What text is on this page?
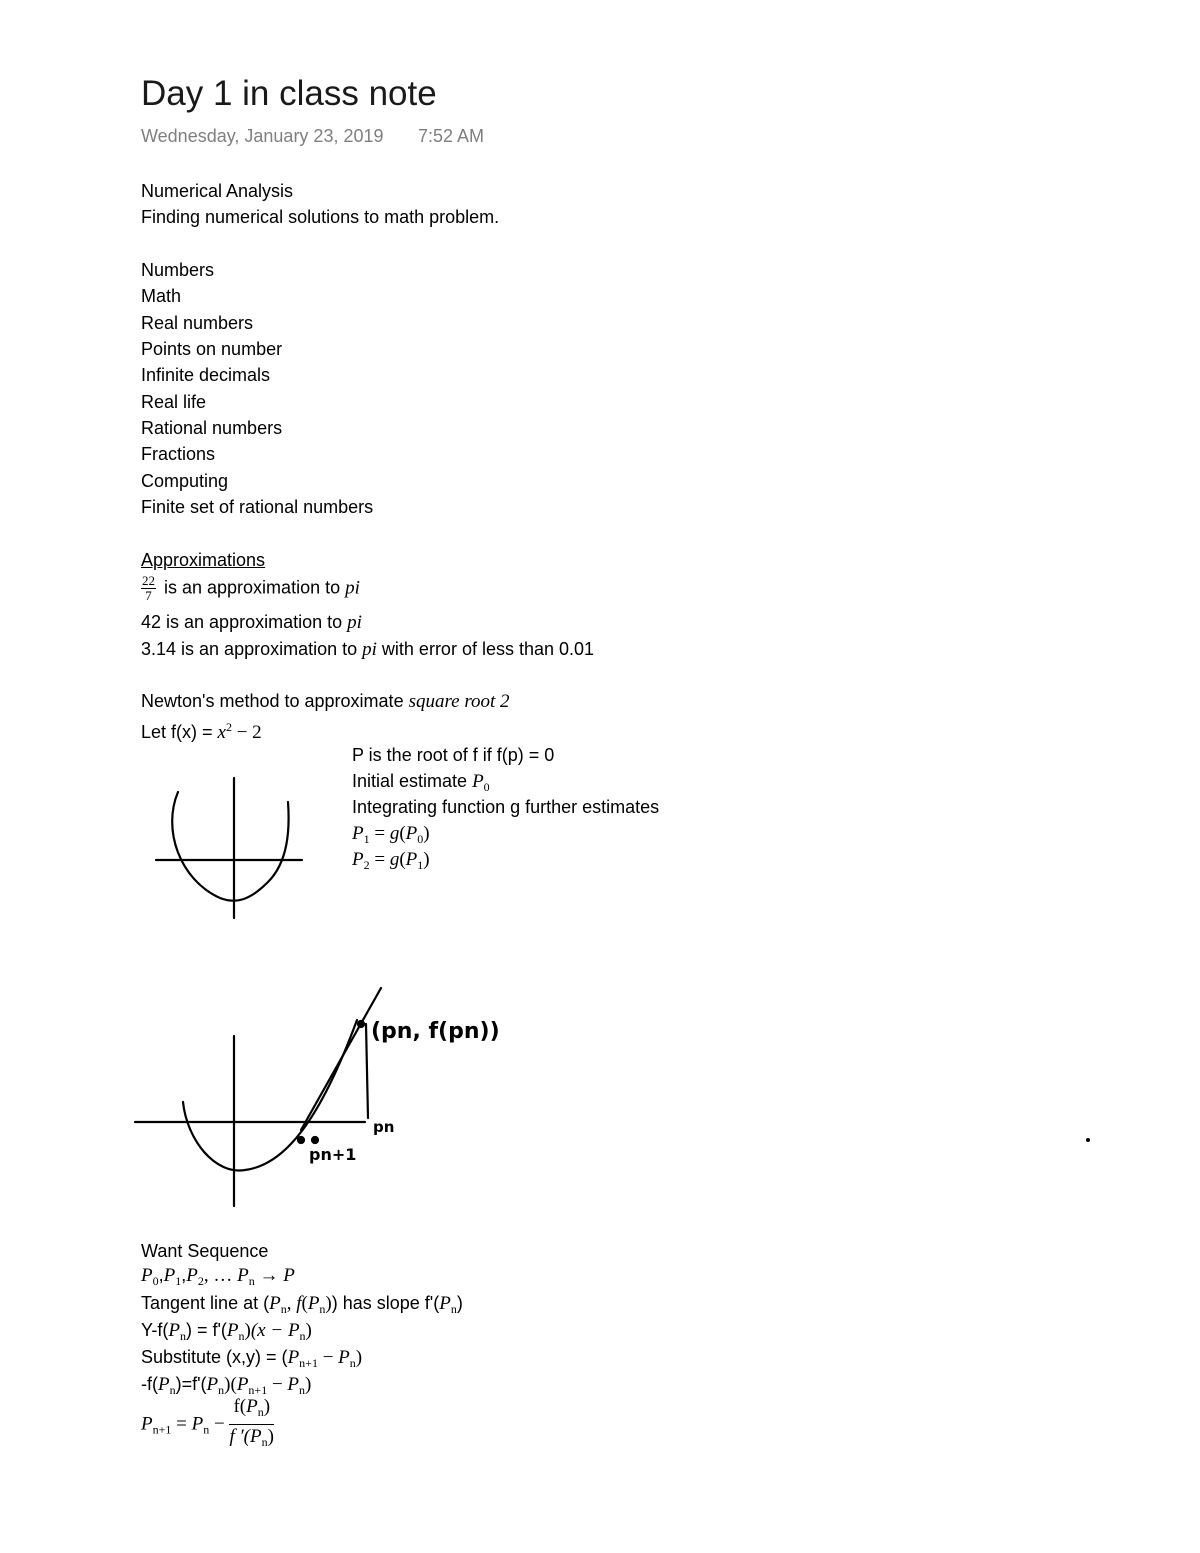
Day 1 in class note
Wednesday, January 23, 2019 7:52 AM
Numerical Analysis
Finding numerical solutions to math problem.
Numbers
Math
Real numbers
Points on number
Infinite decimals
Real life
Rational numbers
Fractions
Computing
Finite set of rational numbers
Approximations
$\frac{22}{7}$ is an approximation to pi
42 is an approximation to pi
3.14 is an approximation to pi with error of less than 0.01
Newton's method to approximate square root 2
Let $f(x) = x^2 - 2$
P is the root of f if f(p) = 0
Initial estimate $P_0$
Integrating function g further estimates
$P_1 = g(P_0)$
$P_2 = g(P_1)$
(pn, f(pn))
pn
pn+1
Want Sequence
$P_0,P_1,P_2$, … $P_n \to P$
Tangent line at ($P_n$, $f(P_n)$) has slope $f'(P_n)$
$Y-f(P_n) = f'(P_n)(x - P_n)$
Substitute $(x,y) = (P_{n+1} - P_n)$
$-f(P_n)=f'(P_n)(P_{n+1} - P_n)$
$P_{n+1} = P_n - \frac{f(P_n)}{f '(P_n)}$
